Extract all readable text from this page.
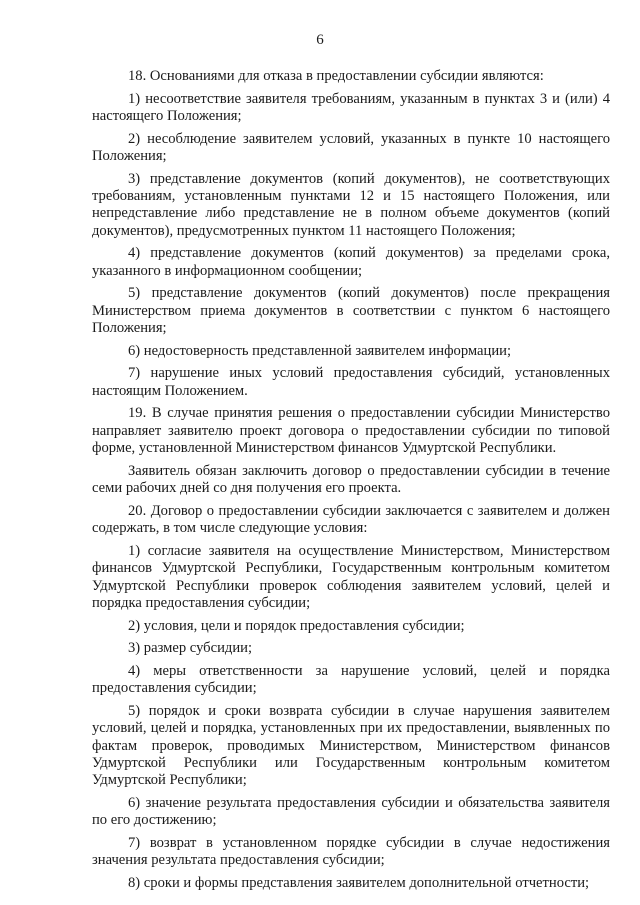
6

18. Основаниями для отказа в предоставлении субсидии являются:

1) несоответствие заявителя требованиям, указанным в пунктах 3 и (или) 4 настоящего Положения;

2) несоблюдение заявителем условий, указанных в пункте 10 настоящего Положения;

3) представление документов (копий документов), не соответствующих требованиям, установленным пунктами 12 и 15 настоящего Положения, или непредставление либо представление не в полном объеме документов (копий документов), предусмотренных пунктом 11 настоящего Положения;

4) представление документов (копий документов) за пределами срока, указанного в информационном сообщении;

5) представление документов (копий документов) после прекращения Министерством приема документов в соответствии с пунктом 6 настоящего Положения;

6) недостоверность представленной заявителем информации;

7) нарушение иных условий предоставления субсидий, установленных настоящим Положением.

19. В случае принятия решения о предоставлении субсидии Министерство направляет заявителю проект договора о предоставлении субсидии по типовой форме, установленной Министерством финансов Удмуртской Республики.

Заявитель обязан заключить договор о предоставлении субсидии в течение семи рабочих дней со дня получения его проекта.

20. Договор о предоставлении субсидии заключается с заявителем и должен содержать, в том числе следующие условия:

1) согласие заявителя на осуществление Министерством, Министерством финансов Удмуртской Республики, Государственным контрольным комитетом Удмуртской Республики проверок соблюдения заявителем условий, целей и порядка предоставления субсидии;

2) условия, цели и порядок предоставления субсидии;

3) размер субсидии;

4) меры ответственности за нарушение условий, целей и порядка предоставления субсидии;

5) порядок и сроки возврата субсидии в случае нарушения заявителем условий, целей и порядка, установленных при их предоставлении, выявленных по фактам проверок, проводимых Министерством, Министерством финансов Удмуртской Республики или Государственным контрольным комитетом Удмуртской Республики;

6) значение результата предоставления субсидии и обязательства заявителя по его достижению;

7) возврат в установленном порядке субсидии в случае недостижения значения результата предоставления субсидии;

8) сроки и формы представления заявителем дополнительной отчетности;
